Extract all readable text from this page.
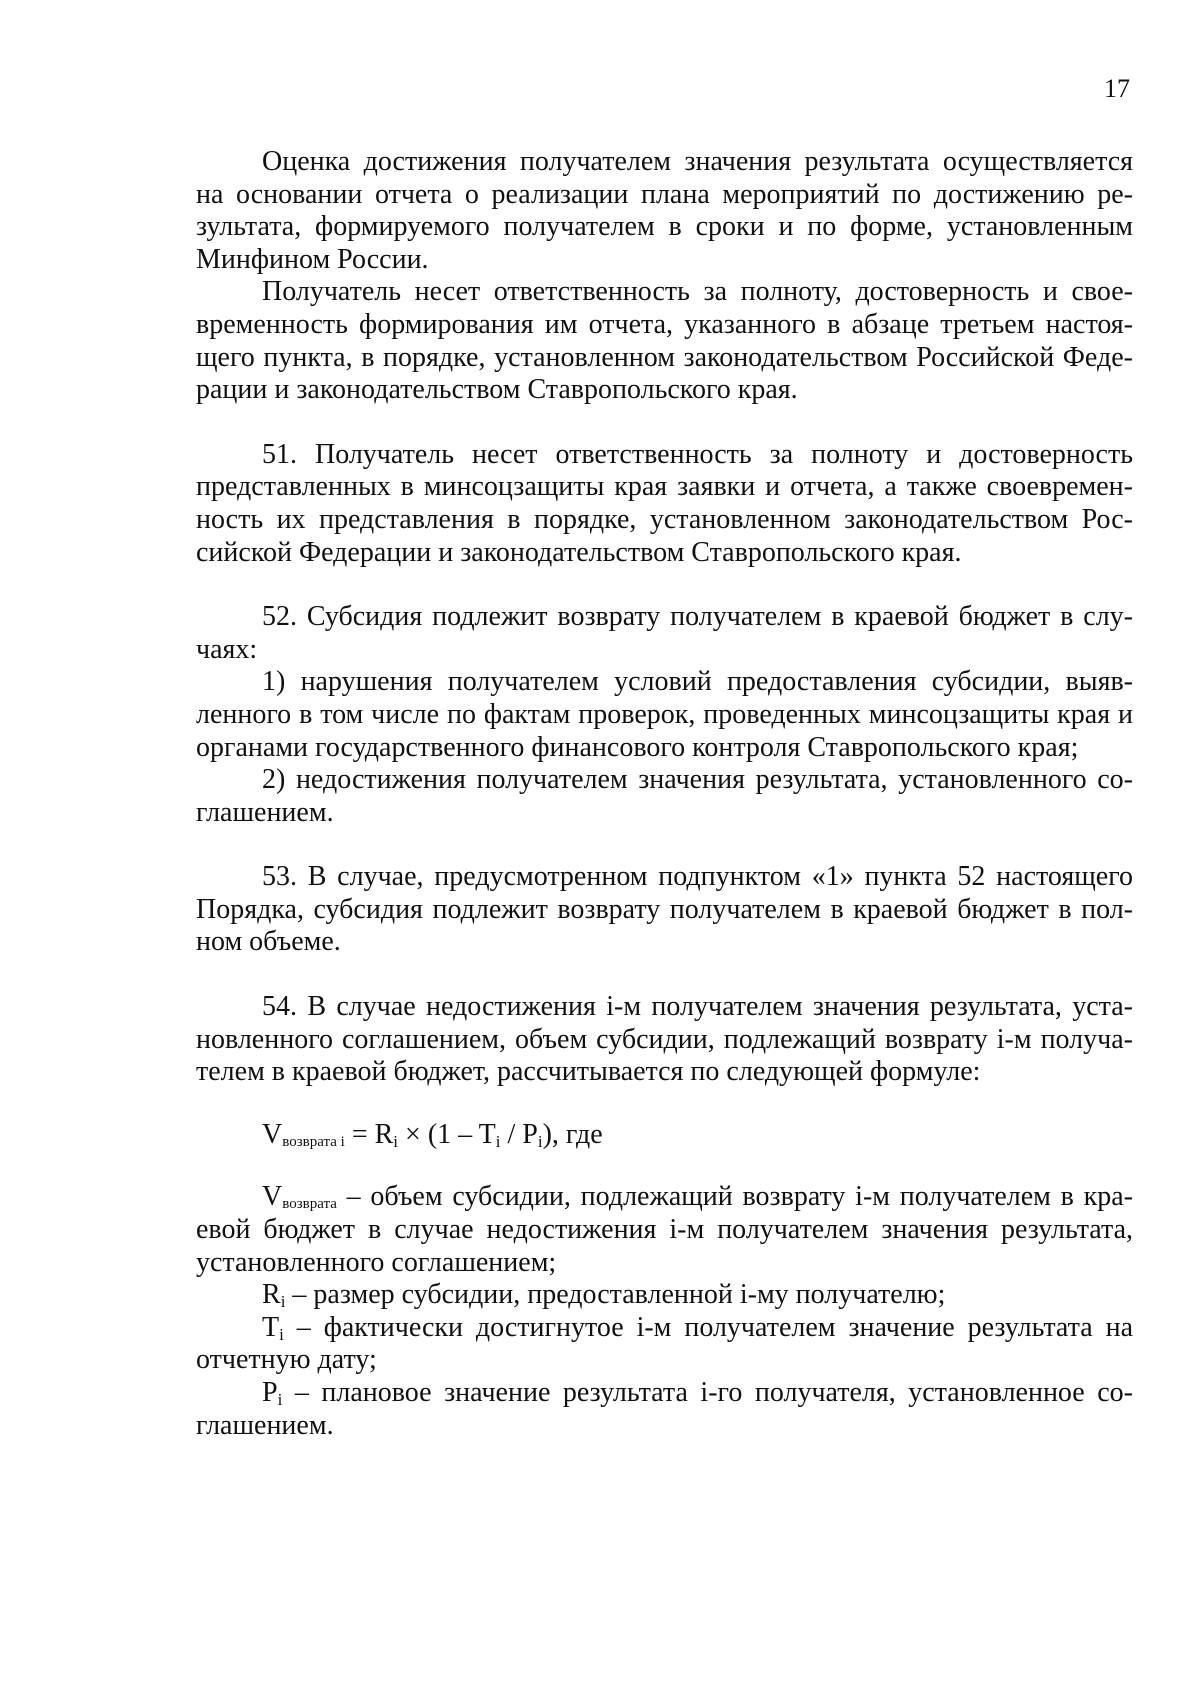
17

Оценка достижения получателем значения результата осуществляется на основании отчета о реализации плана мероприятий по достижению результата, формируемого получателем в сроки и по форме, установленным Минфином России.

Получатель несет ответственность за полноту, достоверность и своевременность формирования им отчета, указанного в абзаце третьем настоящего пункта, в порядке, установленном законодательством Российской Федерации и законодательством Ставропольского края.

51. Получатель несет ответственность за полноту и достоверность представленных в минсоцзащиты края заявки и отчета, а также своевременность их представления в порядке, установленном законодательством Российской Федерации и законодательством Ставропольского края.

52. Субсидия подлежит возврату получателем в краевой бюджет в случаях:

1) нарушения получателем условий предоставления субсидии, выявленного в том числе по фактам проверок, проведенных минсоцзащиты края и органами государственного финансового контроля Ставропольского края;

2) недостижения получателем значения результата, установленного соглашением.

53. В случае, предусмотренном подпунктом «1» пункта 52 настоящего Порядка, субсидия подлежит возврату получателем в краевой бюджет в полном объеме.

54. В случае недостижения i-м получателем значения результата, установленного соглашением, объем субсидии, подлежащий возврату i-м получателем в краевой бюджет, рассчитывается по следующей формуле:

$V_{возврата i} = Ri \times (1 - Ti / Pi)$, где

$V_{возврата}$ – объем субсидии, подлежащий возврату i-м получателем в краевой бюджет в случае недостижения i-м получателем значения результата, установленного соглашением;

Ri – размер субсидии, предоставленной i-му получателю;

Ti – фактически достигнутое i-м получателем значение результата на отчетную дату;

Pi – плановое значение результата i-го получателя, установленное соглашением.
